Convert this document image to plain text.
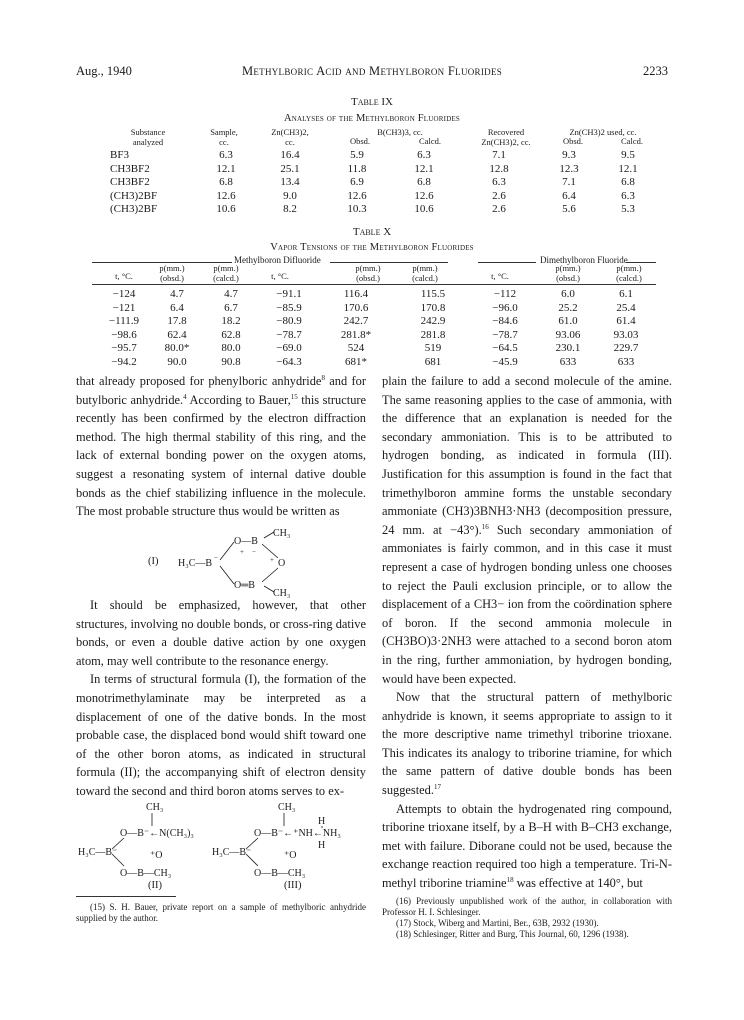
Aug., 1940	Methylboric Acid and Methylboron Fluorides	2233
Table IX
Analyses of the Methylboron Fluorides
Substance
analyzed
Sample,
cc.
Zn(CH3)2,
cc.
B(CH3)3, cc.
Obsd.	Calcd.
Recovered
Zn(CH3)2, cc.
Zn(CH3)2 used, cc.
Obsd.	Calcd.
BF3	6.3	16.4	5.9	6.3	7.1	9.3	9.5
CH3BF2	12.1	25.1	11.8	12.1	12.8	12.3	12.1
CH3BF2	6.8	13.4	6.9	6.8	6.3	7.1	6.8
(CH3)2BF	12.6	9.0	12.6	12.6	2.6	6.4	6.3
(CH3)2BF	10.6	8.2	10.3	10.6	2.6	5.6	5.3
Table X
Vapor Tensions of the Methylboron Fluorides
Methylboron Difluoride	Dimethylboron Fluoride
t, °C.
p(mm.)
(obsd.)
p(mm.)
(calcd.)	t, °C.
p(mm.)
(obsd.)
p(mm.)
(calcd.)	t, °C.
p(mm.)
(obsd.)
p(mm.)
(calcd.)
−124	4.7	4.7	−91.1	116.4	115.5	−112	6.0	6.1
−121	6.4	6.7	−85.9	170.6	170.8	−96.0	25.2	25.4
−111.9	17.8	18.2	−80.9	242.7	242.9	−84.6	61.0	61.4
−98.6	62.4	62.8	−78.7	281.8*	281.8	−78.7	93.06	93.03
−95.7	80.0*	80.0	−69.0	524	519	−64.5	230.1	229.7
−94.2	90.0	90.8	−64.3	681*	681	−45.9	633	633

that already proposed for phenylboric anhydride$^8$ and for butylboric anhydride.$^4$ According to Bauer,$^{15}$ this structure recently has been confirmed by the electron diffraction method. The high thermal stability of this ring, and the lack of external bonding power on the oxygen atoms, suggest a resonating system of internal dative double bonds as the chief stabilizing influence in the molecule. The most probable structure thus would be written as

(I) H₃C—B −
O—B
CH₃
O
O═B
CH₃
+ −
+

It should be emphasized, however, that other structures, involving no double bonds, or cross-ring dative bonds, or even a double dative action by one oxygen atom, may well contribute to the resonance energy.

In terms of structural formula (I), the formation of the monotrimethylaminate may be interpreted as a displacement of one of the dative bonds. In the most probable case, the displaced bond would shift toward one of the other boron atoms, as indicated in structural formula (II); the accompanying shift of electron density toward the second and third boron atoms serves to ex-

CH₃
O—B⁻←N(CH₃)₃
H₃C—B⁻	⁺O
O—B—CH₃
CH₃
H
O—B⁻←⁺NH←NH₃
H
H₃C—B⁻	⁺O
O—B—CH₃
(II)	(III)

(15) S. H. Bauer, private report on a sample of methylboric anhydride supplied by the author.

plain the failure to add a second molecule of the amine. The same reasoning applies to the case of ammonia, with the difference that an explanation is needed for the secondary ammoniation. This is to be attributed to hydrogen bonding, as indicated in formula (III). Justification for this assumption is found in the fact that trimethylboron ammine forms the unstable secondary ammoniate (CH3)3BNH3·NH3 (decomposition pressure, 24 mm. at −43°).$^{16}$ Such secondary ammoniation of ammoniates is fairly common, and in this case it must represent a case of hydrogen bonding unless one chooses to reject the Pauli exclusion principle, or to allow the displacement of a CH3− ion from the coördination sphere of boron. If the second ammonia molecule in (CH3BO)3·2NH3 were attached to a second boron atom in the ring, further ammoniation, by hydrogen bonding, would have been expected.

Now that the structural pattern of methylboric anhydride is known, it seems appropriate to assign to it the more descriptive name trimethyl triborine trioxane. This indicates its analogy to triborine triamine, for which the same pattern of dative double bonds has been suggested.$^{17}$

Attempts to obtain the hydrogenated ring compound, triborine trioxane itself, by a B–H with B–CH3 exchange, met with failure. Diborane could not be used, because the exchange reaction required too high a temperature. Tri-N-methyl triborine triamine$^{18}$ was effective at 140°, but

(16) Previously unpublished work of the author, in collaboration with Professor H. I. Schlesinger.

(17) Stock, Wiberg and Martini, Ber., 63B, 2932 (1930).

(18) Schlesinger, Ritter and Burg, This Journal, 60, 1296 (1938).
